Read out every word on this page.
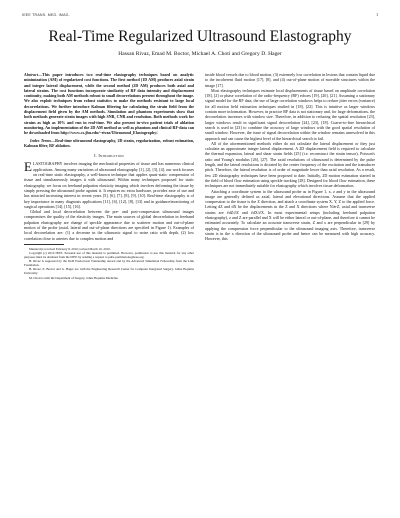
IEEE TRANS. MED. IMAG.	1
Real-Time Regularized Ultrasound Elastography
Hassan Rivaz, Emad M. Boctor, Michael A. Choti and Gregory D. Hager

Abstract—This paper introduces two real-time elastography techniques based on analytic minimization (AM) of regularized cost functions. The first method (1D AM) produces axial strain and integer lateral displacement, while the second method (2D AM) produces both axial and lateral strains. The cost functions incorporate similarity of RF data intensity and displacement continuity, making both AM methods robust to small decorrelations present throughout the image. We also exploit techniques from robust statistics to make the methods resistant to large local decorrelations. We further introduce Kalman filtering for calculating the strain field from the displacement field given by the AM methods. Simulation and phantom experiments show that both methods generate strain images with high SNR, CNR and resolution. Both methods work for strains as high as 10% and run in real-time. We also present in-vivo patient trials of ablation monitoring. An implementation of the 2D AM method as well as phantom and clinical RF-data can be downloaded from http://www.cs.jhu.edu/~rivaz/Ultrasound_Elastography/.

Index Terms—Real-time ultrasound elastography, 2D strain, regularization, robust estimation, Kalman filter, RF ablation.

I. Introduction

ELASTOGRAPHY involves imaging the mechanical properties of tissue and has numerous clinical applications. Among many variations of ultrasound elastography [1], [2], [3], [4], our work focuses on real-time static elastography, a well-known technique that applies quasi-static compression of tissue and simultaneously images it with ultrasound. Within many techniques proposed for static elastography, we focus on freehand palpation elasticity imaging which involves deforming the tissue by simply pressing the ultrasound probe against it. It requires no extra hardware, provides ease of use and has attracted increasing interest in recent years [5], [6], [7], [8], [9], [10]. Real-time elastography is of key importance in many diagnosis applications [11], [6], [12], [8], [13] and in guidance/monitoring of surgical operations [14], [15], [16].

Global and local decorrelation between the pre- and post-compression ultrasound images compromises the quality of the elasticity images. The main sources of global decorrelation in freehand palpation elastography are change of speckle appearance due to scatterer motion and out-of-plane motion of the probe (axial, lateral and out-of-plane directions are specified in Figure 1). Examples of local decorrelation are: (1) a decrease in the ultrasonic signal to noise ratio with depth, (2) low correlation close to arteries due to complex motion and

Manuscript received February 8, 2010; revised March 10, 2010.

Copyright (c) 2010 IEEE. Personal use of this material is permitted. However, permission to use this material for any other purposes must be obtained from the IEEE by sending a request to pubs-permissions@ieee.org.

H. Rivaz is supported by the DoD Predoctoral Traineeship Award and by the Advanced Simulation Fellowship from the Link Foundation.

H. Rivaz, E. Boctor and G. Hager are with the Engineering Research Center for Computer Integrated Surgery, Johns Hopkins University.

M. Choti is with the Department of Surgery, Johns Hopkins Medicine.

inside blood vessels due to blood motion, (3) extremely low correlation in lesions that contain liquid due to the incoherent fluid motion [17], [8], and (4) out-of-plane motion of movable structures within the image [17].

Most elastography techniques estimate local displacements of tissue based on amplitude correlation [18], [2] or phase correlation of the radio-frequency (RF) echoes [19], [20], [21]. Assuming a stationary signal model for the RF data, the use of large correlation windows helps to reduce jitter errors (variance) for all motion field estimation techniques studied in [18], [22]. This is intuitive as larger windows contain more information. However, in practice RF data is not stationary and, for large deformations, the decorrelation increases with window size. Therefore, in addition to reducing the spatial resolution [23], larger windows result in significant signal decorrelation [24], [23], [18]. Coarse-to-fine hierarchical search is used in [23] to combine the accuracy of large windows with the good spatial resolution of small window. However, the issue of signal decorrelation within the window remains unresolved in this approach and can cause the highest level of the hierarchical search to fail.

All of the aforementioned methods either do not calculate the lateral displacement or they just calculate an approximate integer lateral displacement. A 2D displacement field is required to calculate the thermal expansion, lateral and shear strain fields [25] (i.e. reconstruct the strain tensor), Poisson's ratio and Young's modulus [26], [27]. The axial resolutions of ultrasound is determined by the pulse length, and the lateral resolutions is dictated by the center frequency of the excitation and the transducer pitch. Therefore, the lateral resolution is of order of magnitude lower than axial resolution. As a result, few 2D elastography techniques have been proposed to date. Initially, 2D motion estimation started in the field of blood flow estimation using speckle tracking [28]. Designed for blood flow estimation, these techniques are not immediately suitable for elastography which involves tissue deformation.

Attaching a coordinate system to the ultrasound probe as in Figure 1, x, z and y in the ultrasound image are generally defined as axial, lateral and elevational directions. Assume that the applied compression to the tissue is the Z direction, and attach a coordinate system X, Y, Z to the applied force. Letting dZ and dX be the displacements in the Z and X directions where N≫Z, axial and transverse strains are ∂dZ/∂Z and ∂dX/∂X. In most experimental setups (including freehand palpation elastography), z and Z are parallel and X will be either lateral or out-of-plane, and therefore it cannot be estimated accurately. To calculate an accurate transverse strain, Z and x are perpendicular in [29] by applying the compression force perpendicular to the ultrasound imaging axis. Therefore, transverse strain is in the x direction of the ultrasound probe and hence can be measured with high accuracy. However, this
